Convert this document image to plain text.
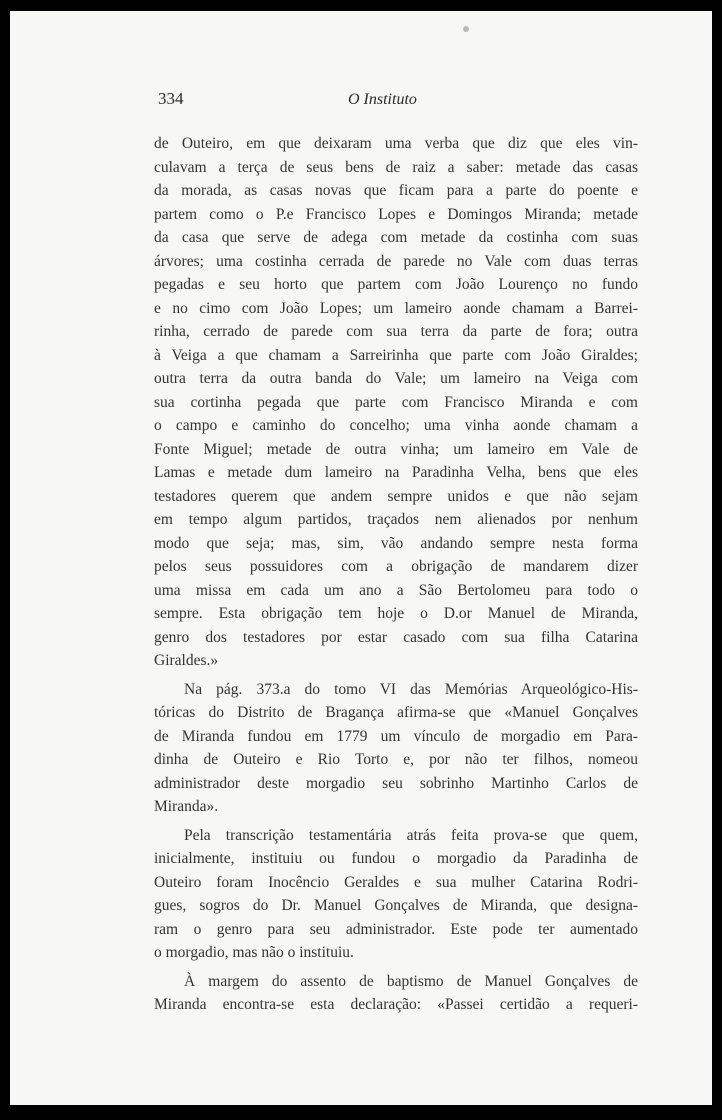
334	O Instituto
de Outeiro, em que deixaram uma verba que diz que eles vin-
culavam a terça de seus bens de raiz a saber: metade das casas
da morada, as casas novas que ficam para a parte do poente e
partem como o P.e Francisco Lopes e Domingos Miranda; metade
da casa que serve de adega com metade da costinha com suas
árvores; uma costinha cerrada de parede no Vale com duas terras
pegadas e seu horto que partem com João Lourenço no fundo
e no cimo com João Lopes; um lameiro aonde chamam a Barrei-
rinha, cerrado de parede com sua terra da parte de fora; outra
à Veiga a que chamam a Sarreirinha que parte com João Giraldes;
outra terra da outra banda do Vale; um lameiro na Veiga com
sua cortinha pegada que parte com Francisco Miranda e com
o campo e caminho do concelho; uma vinha aonde chamam a
Fonte Miguel; metade de outra vinha; um lameiro em Vale de
Lamas e metade dum lameiro na Paradinha Velha, bens que eles
testadores querem que andem sempre unidos e que não sejam
em tempo algum partidos, traçados nem alienados por nenhum
modo que seja; mas, sim, vão andando sempre nesta forma
pelos seus possuidores com a obrigação de mandarem dizer
uma missa em cada um ano a São Bertolomeu para todo o
sempre. Esta obrigação tem hoje o D.or Manuel de Miranda,
genro dos testadores por estar casado com sua filha Catarina
Giraldes.»
Na pág. 373.a do tomo VI das Memórias Arqueológico-His-
tóricas do Distrito de Bragança afirma-se que «Manuel Gonçalves
de Miranda fundou em 1779 um vínculo de morgadio em Para-
dinha de Outeiro e Rio Torto e, por não ter filhos, nomeou
administrador deste morgadio seu sobrinho Martinho Carlos de
Miranda».
Pela transcrição testamentária atrás feita prova-se que quem,
inicialmente, instituiu ou fundou o morgadio da Paradinha de
Outeiro foram Inocêncio Geraldes e sua mulher Catarina Rodri-
gues, sogros do Dr. Manuel Gonçalves de Miranda, que designa-
ram o genro para seu administrador. Este pode ter aumentado
o morgadio, mas não o instituiu.
À margem do assento de baptismo de Manuel Gonçalves de
Miranda encontra-se esta declaração: «Passei certidão a requeri-
